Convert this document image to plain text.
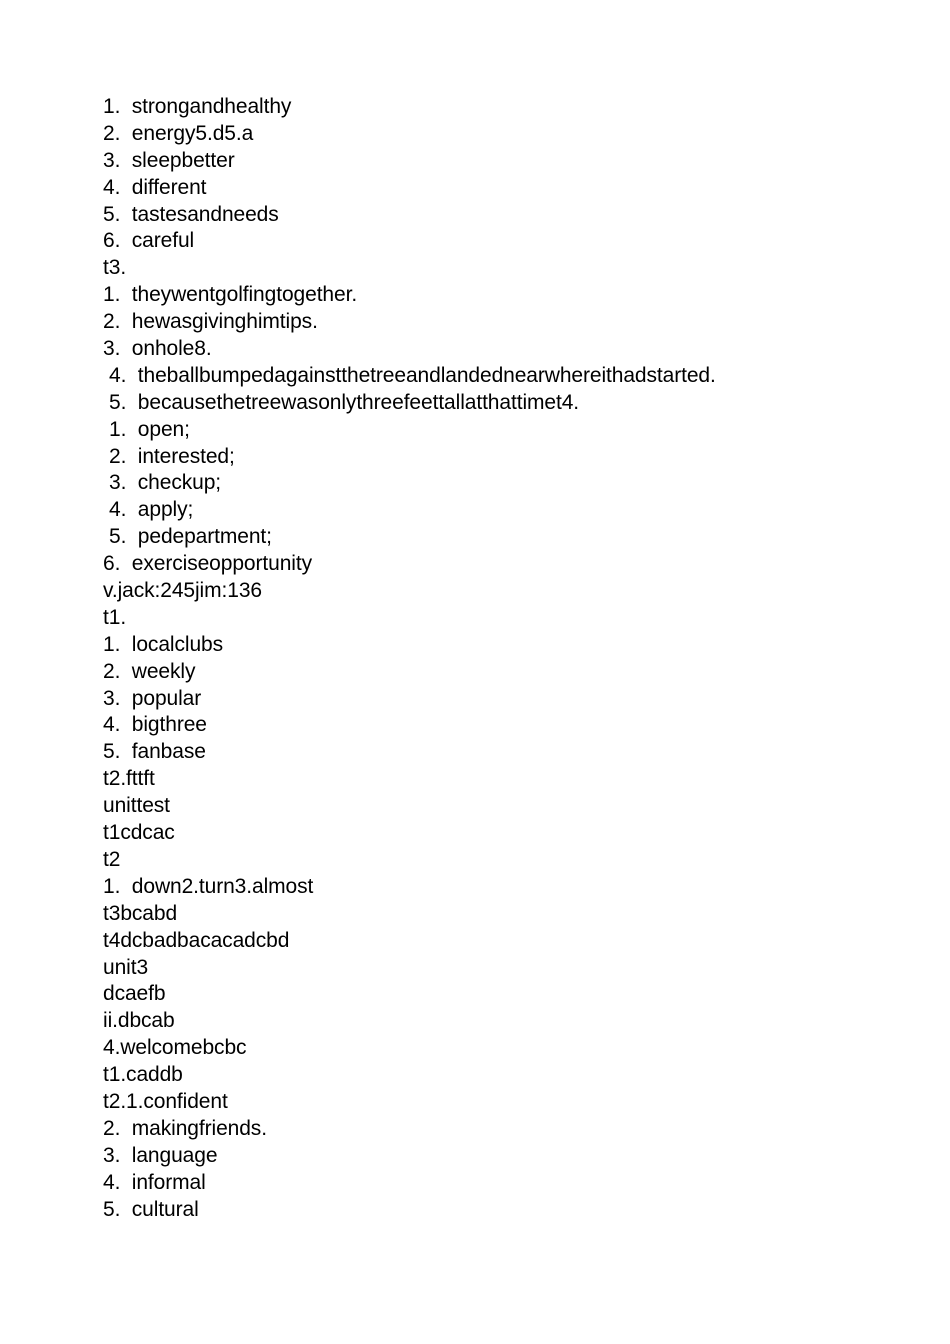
1.  strongandhealthy
2.  energy5.d5.a
3.  sleepbetter
4.  different
5.  tastesandneeds
6.  careful
t3.
1.  theywentgolfingtogether.
2.  hewasgivinghimtips.
3.  onhole8.
4.  theballbumpedagainstthetreeandlandednearwhereithadstarted.
5.  becausethetreewasonlythreefeettallatthattimet4.
1.  open;
2.  interested;
3.  checkup;
4.  apply;
5.  pedepartment;
6.  exerciseopportunity
v.jack:245jim:136
t1.
1.  localclubs
2.  weekly
3.  popular
4.  bigthree
5.  fanbase
t2.fttft
unittest
t1cdcac
t2
1.  down2.turn3.almost
t3bcabd
t4dcbadbacacadcbd
unit3
dcaefb
ii.dbcab
4.welcomebcbc
t1.caddb
t2.1.confident
2.  makingfriends.
3.  language
4.  informal
5.  cultural
